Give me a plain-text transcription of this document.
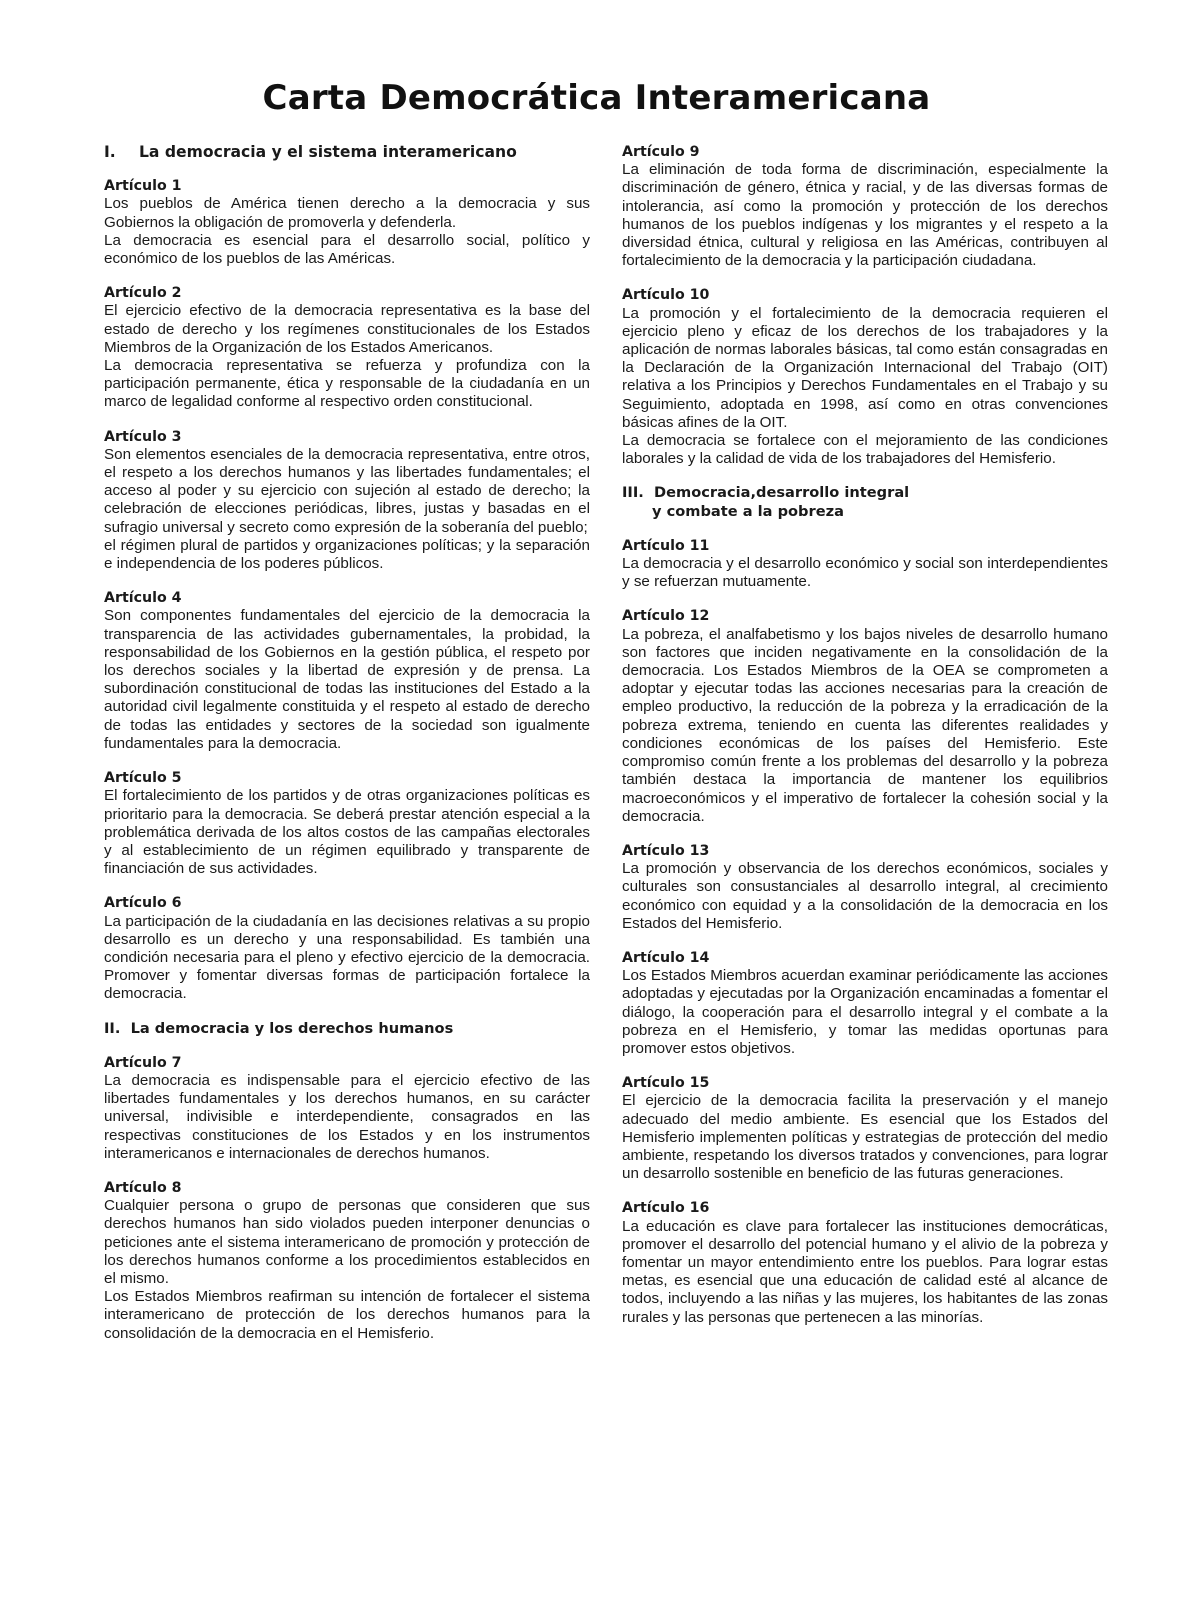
Carta Democrática Interamericana
I. La democracia y el sistema interamericano
Artículo 1

Los pueblos de América tienen derecho a la democracia y sus Gobiernos la obligación de promoverla y defenderla.

La democracia es esencial para el desarrollo social, político y económico de los pueblos de las Américas.

Artículo 2

El ejercicio efectivo de la democracia representativa es la base del estado de derecho y los regímenes constitucionales de los Estados Miembros de la Organización de los Estados Americanos.

La democracia representativa se refuerza y profundiza con la participación permanente, ética y responsable de la ciudadanía en un marco de legalidad conforme al respectivo orden constitucional.

Artículo 3

Son elementos esenciales de la democracia representativa, entre otros, el respeto a los derechos humanos y las libertades fundamentales; el acceso al poder y su ejercicio con sujeción al estado de derecho; la celebración de elecciones periódicas, libres, justas y basadas en el sufragio universal y secreto como expresión de la soberanía del pueblo;

el régimen plural de partidos y organizaciones políticas; y la separación e independencia de los poderes públicos.

Artículo 4

Son componentes fundamentales del ejercicio de la democracia la transparencia de las actividades gubernamentales, la probidad, la responsabilidad de los Gobiernos en la gestión pública, el respeto por los derechos sociales y la libertad de expresión y de prensa. La subordinación constitucional de todas las instituciones del Estado a la autoridad civil legalmente constituida y el respeto al estado de derecho de todas las entidades y sectores de la sociedad son igualmente fundamentales para la democracia.

Artículo 5

El fortalecimiento de los partidos y de otras organizaciones políticas es prioritario para la democracia. Se deberá prestar atención especial a la problemática derivada de los altos costos de las campañas electorales y al establecimiento de un régimen equilibrado y transparente de financiación de sus actividades.

Artículo 6

La participación de la ciudadanía en las decisiones relativas a su propio desarrollo es un derecho y una responsabilidad. Es también una condición necesaria para el pleno y efectivo ejercicio de la democracia. Promover y fomentar diversas formas de participación fortalece la democracia.

II. La democracia y los derechos humanos
Artículo 7

La democracia es indispensable para el ejercicio efectivo de las libertades fundamentales y los derechos humanos, en su carácter universal, indivisible e interdependiente, consagrados en las respectivas constituciones de los Estados y en los instrumentos interamericanos e internacionales de derechos humanos.

Artículo 8

Cualquier persona o grupo de personas que consideren que sus derechos humanos han sido violados pueden interponer denuncias o peticiones ante el sistema interamericano de promoción y protección de los derechos humanos conforme a los procedimientos establecidos en el mismo.

Los Estados Miembros reafirman su intención de fortalecer el sistema interamericano de protección de los derechos humanos para la consolidación de la democracia en el Hemisferio.

Artículo 9

La eliminación de toda forma de discriminación, especialmente la discriminación de género, étnica y racial, y de las diversas formas de intolerancia, así como la promoción y protección de los derechos humanos de los pueblos indígenas y los migrantes y el respeto a la diversidad étnica, cultural y religiosa en las Américas, contribuyen al fortalecimiento de la democracia y la participación ciudadana.

Artículo 10

La promoción y el fortalecimiento de la democracia requieren el ejercicio pleno y eficaz de los derechos de los trabajadores y la aplicación de normas laborales básicas, tal como están consagradas en la Declaración de la Organización Internacional del Trabajo (OIT) relativa a los Principios y Derechos Fundamentales en el Trabajo y su Seguimiento, adoptada en 1998, así como en otras convenciones básicas afines de la OIT.

La democracia se fortalece con el mejoramiento de las condiciones laborales y la calidad de vida de los trabajadores del Hemisferio.

III. Democracia,desarrollo integral
y combate a la pobreza
Artículo 11

La democracia y el desarrollo económico y social son interdependientes y se refuerzan mutuamente.

Artículo 12

La pobreza, el analfabetismo y los bajos niveles de desarrollo humano son factores que inciden negativamente en la consolidación de la democracia. Los Estados Miembros de la OEA se comprometen a adoptar y ejecutar todas las acciones necesarias para la creación de empleo productivo, la reducción de la pobreza y la erradicación de la pobreza extrema, teniendo en cuenta las diferentes realidades y condiciones económicas de los países del Hemisferio. Este compromiso común frente a los problemas del desarrollo y la pobreza también destaca la importancia de mantener los equilibrios macroeconómicos y el imperativo de fortalecer la cohesión social y la democracia.

Artículo 13

La promoción y observancia de los derechos económicos, sociales y culturales son consustanciales al desarrollo integral, al crecimiento económico con equidad y a la consolidación de la democracia en los Estados del Hemisferio.

Artículo 14

Los Estados Miembros acuerdan examinar periódicamente las acciones adoptadas y ejecutadas por la Organización encaminadas a fomentar el diálogo, la cooperación para el desarrollo integral y el combate a la pobreza en el Hemisferio, y tomar las medidas oportunas para promover estos objetivos.

Artículo 15

El ejercicio de la democracia facilita la preservación y el manejo adecuado del medio ambiente. Es esencial que los Estados del Hemisferio implementen políticas y estrategias de protección del medio ambiente, respetando los diversos tratados y convenciones, para lograr un desarrollo sostenible en beneficio de las futuras generaciones.

Artículo 16

La educación es clave para fortalecer las instituciones democráticas, promover el desarrollo del potencial humano y el alivio de la pobreza y fomentar un mayor entendimiento entre los pueblos. Para lograr estas metas, es esencial que una educación de calidad esté al alcance de todos, incluyendo a las niñas y las mujeres, los habitantes de las zonas rurales y las personas que pertenecen a las minorías.
